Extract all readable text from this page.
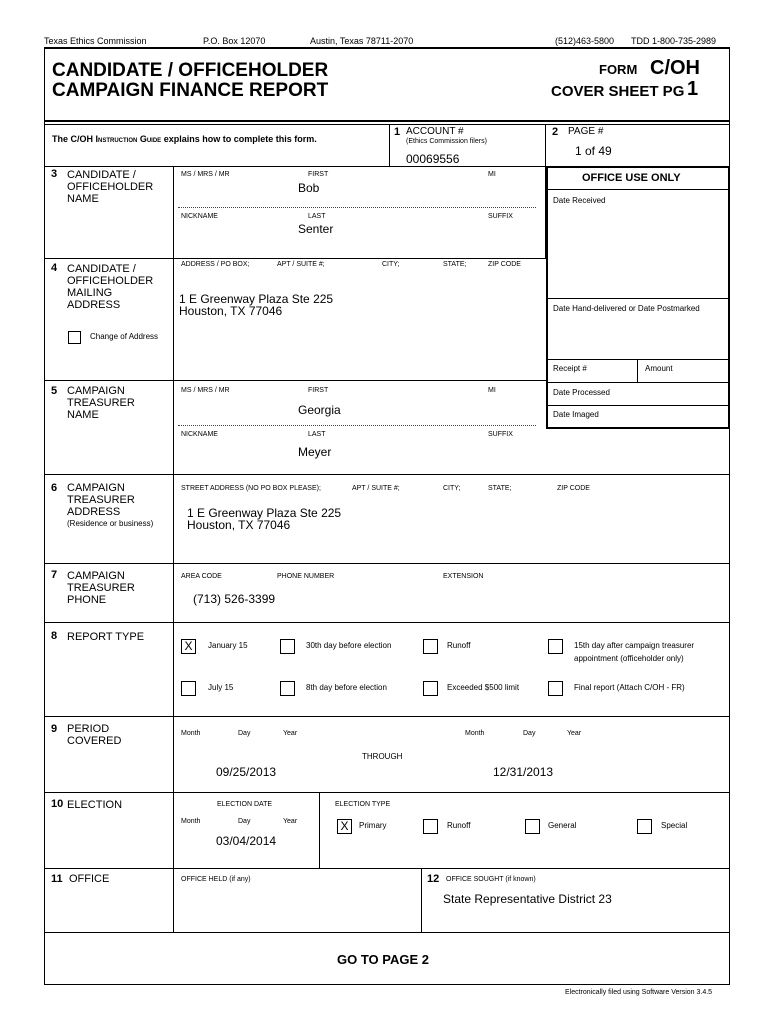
Texas Ethics Commission	P.O. Box 12070	Austin, Texas 78711-2070	(512)463-5800 TDD 1-800-735-2989
CANDIDATE / OFFICEHOLDER
CAMPAIGN FINANCE REPORT
FORM C/OH
COVER SHEET PG 1
The C/OH Instruction Guide explains how to complete this form.
1 ACCOUNT #
(Ethics Commission filers)
00069556
2 PAGE #
1 of 49
OFFICE USE ONLY
Date Received
Date Hand-delivered or Date Postmarked
Receipt #	Amount
Date Processed
Date Imaged
3 CANDIDATE / OFFICEHOLDER NAME
MS / MRS / MR	FIRST	MI
Bob
NICKNAME	LAST	SUFFIX
Senter
4 CANDIDATE / OFFICEHOLDER MAILING ADDRESS
ADDRESS / PO BOX;	APT / SUITE #;	CITY;	STATE;	ZIP CODE
1 E Greenway Plaza Ste 225
Houston, TX 77046
Change of Address
5 CAMPAIGN TREASURER NAME
MS / MRS / MR	FIRST	MI
Georgia
NICKNAME	LAST	SUFFIX
Meyer
6 CAMPAIGN TREASURER ADDRESS
(Residence or business)
STREET ADDRESS (NO PO BOX PLEASE);	APT / SUITE #;	CITY;	STATE;	ZIP CODE
1 E Greenway Plaza Ste 225
Houston, TX 77046
7 CAMPAIGN TREASURER PHONE
AREA CODE	PHONE NUMBER	EXTENSION
(713) 526-3399
8 REPORT TYPE
X	January 15	30th day before election	Runoff	15th day after campaign treasurer
appointment (officeholder only)
July 15	8th day before election	Exceeded $500 limit	Final report (Attach C/OH - FR)
9 PERIOD COVERED
Month	Day	Year	Month	Day	Year
THROUGH
09/25/2013	12/31/2013
10 ELECTION	ELECTION DATE	ELECTION TYPE
Month	Day	Year
03/04/2014
X	Primary	Runoff	General	Special
11 OFFICE	OFFICE HELD (if any)	12 OFFICE SOUGHT (if known)
State Representative District 23
GO TO PAGE 2
Electronically filed using Software Version 3.4.5
